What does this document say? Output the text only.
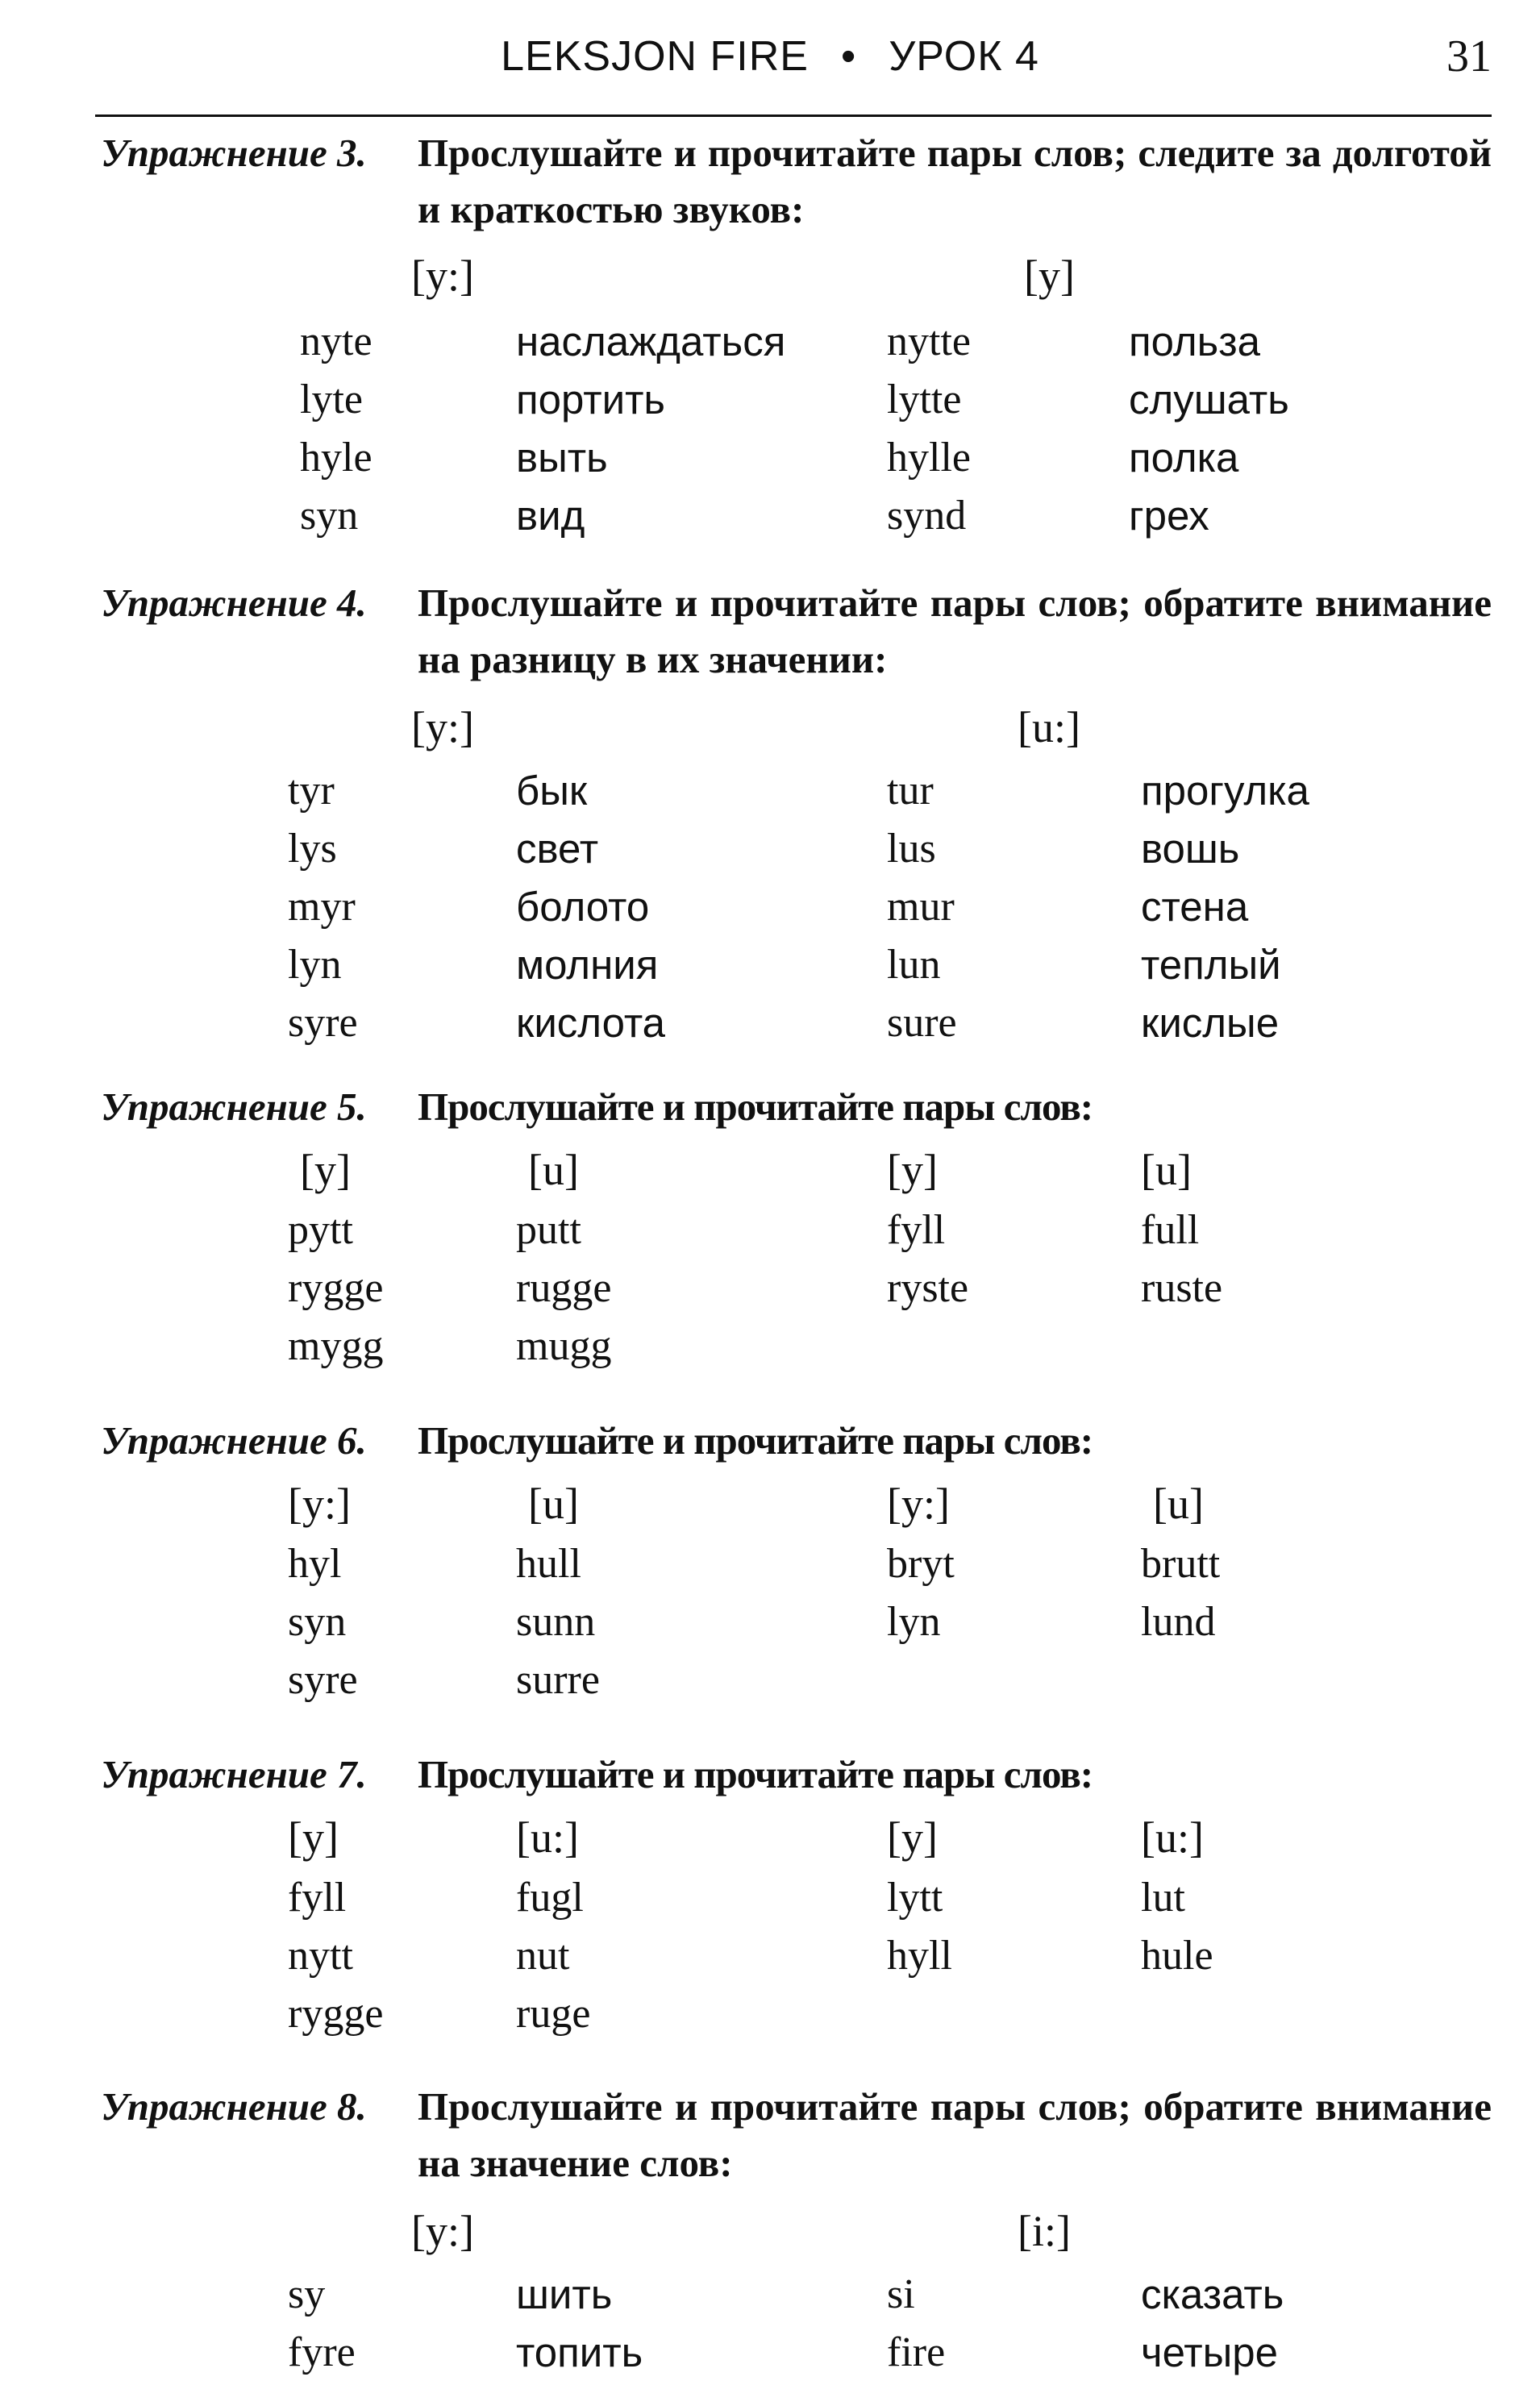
LEKSJON FIRE • УРОК 4	31
Упражнение 3. Прослушайте и прочитайте пары слов; следите за долготой и краткостью звуков:
[y:]	[y]
nyte	наслаждаться nytte	польза
lyte	портить	lytte	слушать
hyle	выть	hylle	полка
syn	вид	synd	грех
Упражнение 4. Прослушайте и прочитайте пары слов; обратите внимание на разницу в их значении:
[y:]	[u:]
tyr	бык	tur	прогулка
lys	свет	lus	вошь
myr	болото	mur	стена
lyn	молния	lun	теплый
syre	кислота	sure	кислые
Упражнение 5. Прослушайте и прочитайте пары слов:
[y]	[u]	[y]	[u]
pytt	putt	fyll	full
rygge	rugge	ryste	ruste
mygg	mugg
Упражнение 6. Прослушайте и прочитайте пары слов:
[y:]	[u]	[y:]	[u]
hyl	hull	bryt	brutt
syn	sunn	lyn	lund
syre	surre
Упражнение 7. Прослушайте и прочитайте пары слов:
[y]	[u:]	[y]	[u:]
fyll	fugl	lytt	lut
nytt	nut	hyll	hule
rygge	ruge
Упражнение 8. Прослушайте и прочитайте пары слов; обратите внимание на значение слов:
[y:]	[i:]
sy	шить	si	сказать
fyre	топить	fire	четыре
